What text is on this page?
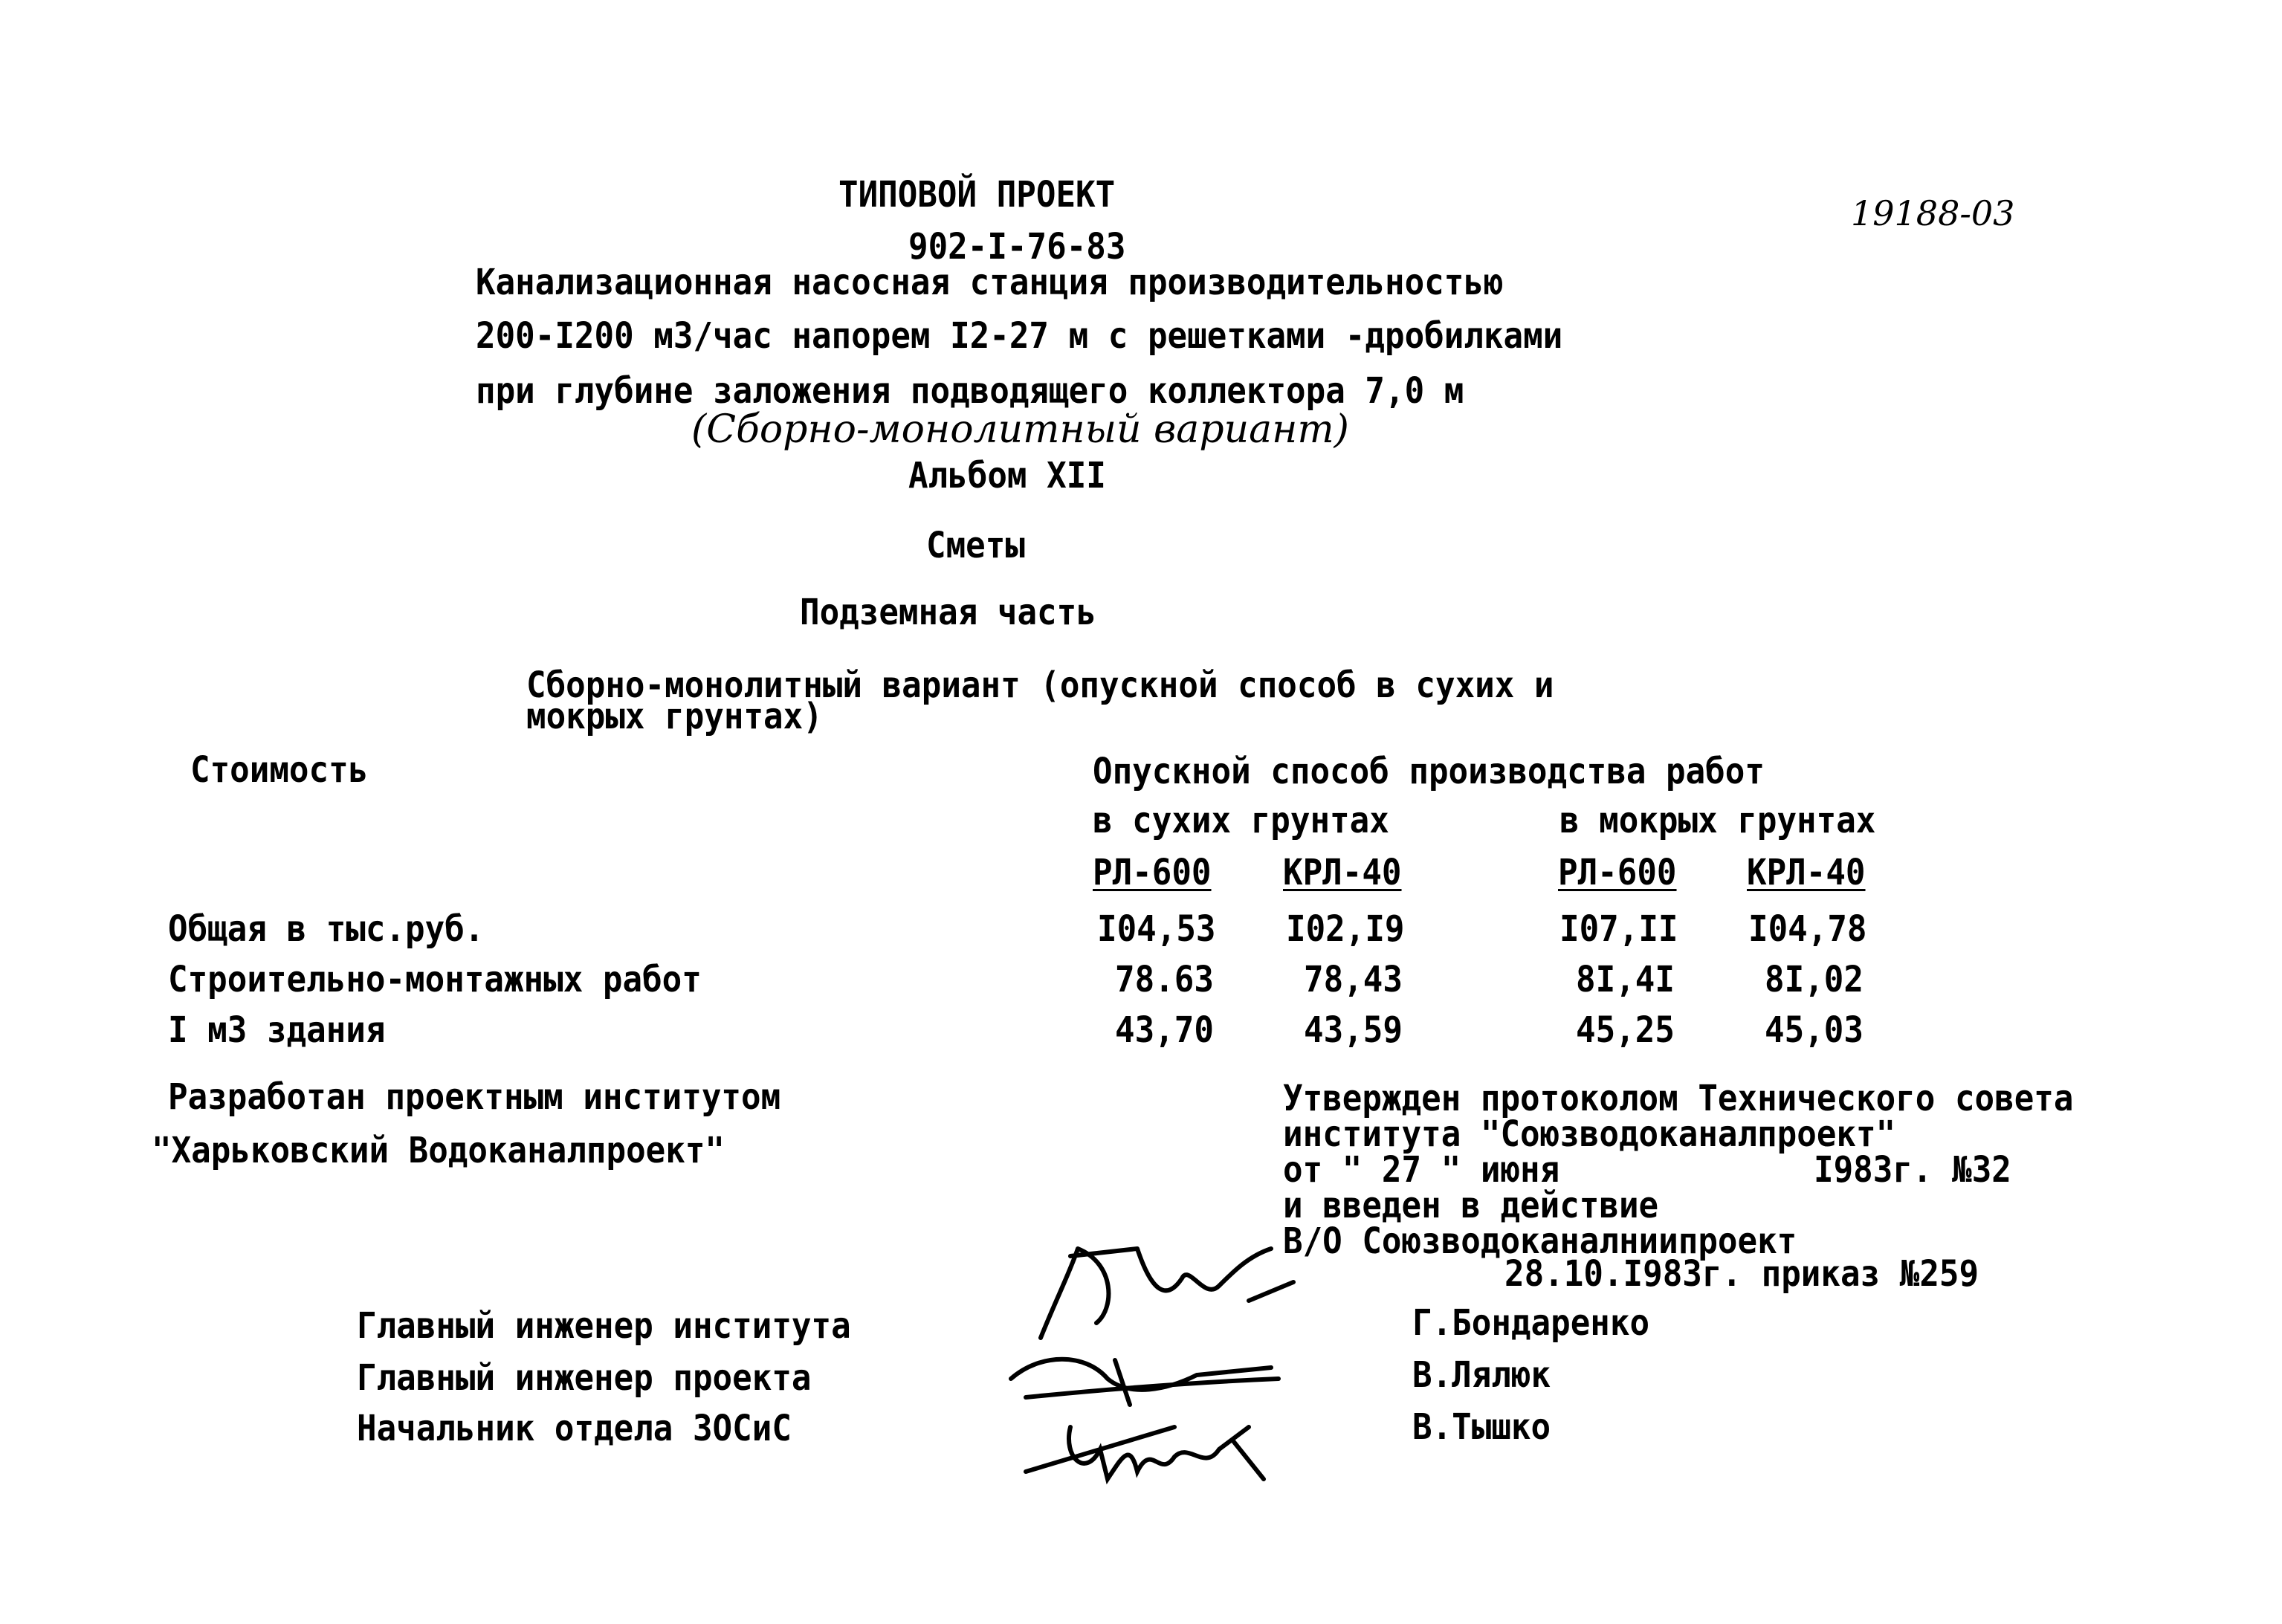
ТИПОВОЙ ПРОЕКТ	19188-03
902-I-76-83
Канализационная насосная станция производительностью
200-I200 м3/час напорем I2-27 м с решетками -дробилками
при глубине заложения подводящего коллектора 7,0 м
(Сборно-монолитный вариант)
Альбом XII
Сметы
Подземная часть
Сборно-монолитный вариант (опускной способ в сухих и
мокрых грунтах)
Стоимость	Опускной способ производства работ
в сухих грунтах	в мокрых грунтах
РЛ-600 КРЛ-40	РЛ-600 КРЛ-40
Общая в тыс.руб.	I04,53 I02,I9	I07,II I04,78
Строительно-монтажных работ	78.63	78,43	8I,4I	8I,02
I м3 здания	43,70	43,59	45,25	45,03
Разработан проектным институтом
"Харьковский Водоканалпроект"
Утвержден протоколом Технического совета
института "Союзводоканалпроект"
от " 27 " июня	I983г. №32
и введен в действие
В/О Союзводоканалниипроект
28.10.I983г. приказ №259
Главный инженер института	Г.Бондаренко
Главный инженер проекта	В.Лялюк
Начальник отдела ЗОСиС	В.Тышко
